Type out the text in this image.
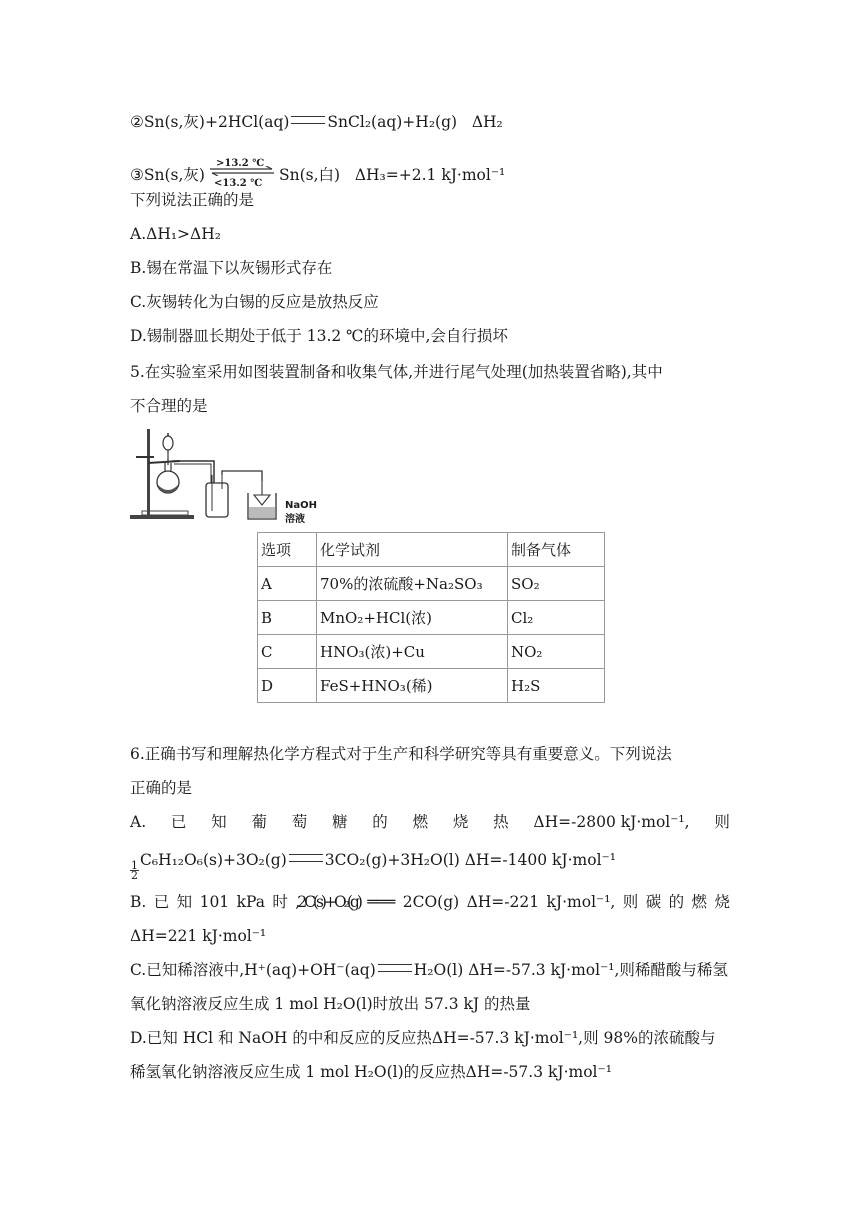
②Sn(s,灰)+2HCl(aq) SnCl₂(aq)+H₂(g) ΔH₂
③Sn(s,灰)
>13.2 ℃
<13.2 ℃ Sn(s,白) ΔH₃=+2.1 kJ·mol⁻¹
下列说法正确的是
A.ΔH₁>ΔH₂
B.锡在常温下以灰锡形式存在
C.灰锡转化为白锡的反应是放热反应
D.锡制器皿长期处于低于 13.2 ℃的环境中,会自行损坏
5.在实验室采用如图装置制备和收集气体,并进行尾气处理(加热装置省略),其中
不合理的是
NaOH
溶液
选项	化学试剂	制备气体
A	70%的浓硫酸+Na₂SO₃	SO₂
B	MnO₂+HCl(浓)	Cl₂
C	HNO₃(浓)+Cu	NO₂
D	FeS+HNO₃(稀)	H₂S
6.正确书写和理解热化学方程式对于生产和科学研究等具有重要意义。下列说法
正确的是
A. 已 知 葡 萄 糖 的 燃 烧 热 ΔH=-2800 kJ·mol⁻¹, 则
$\frac{1}{2}$
C₆H₁₂O₆(s)+3O₂(g) 3CO₂(g)+3H₂O(l) ΔH=-1400 kJ·mol⁻¹
B. 已 知 101 kPa 时 ,2C(s)+O₂(g) ═══ 2CO(g) ΔH=-221 kJ·mol⁻¹, 则 碳 的 燃 烧
ΔH=221 kJ·mol⁻¹
C.已知稀溶液中,H⁺(aq)+OH⁻(aq) H₂O(l) ΔH=-57.3 kJ·mol⁻¹,则稀醋酸与稀氢
氧化钠溶液反应生成 1 mol H₂O(l)时放出 57.3 kJ 的热量
D.已知 HCl 和 NaOH 的中和反应的反应热ΔH=-57.3 kJ·mol⁻¹,则 98%的浓硫酸与
稀氢氧化钠溶液反应生成 1 mol H₂O(l)的反应热ΔH=-57.3 kJ·mol⁻¹
